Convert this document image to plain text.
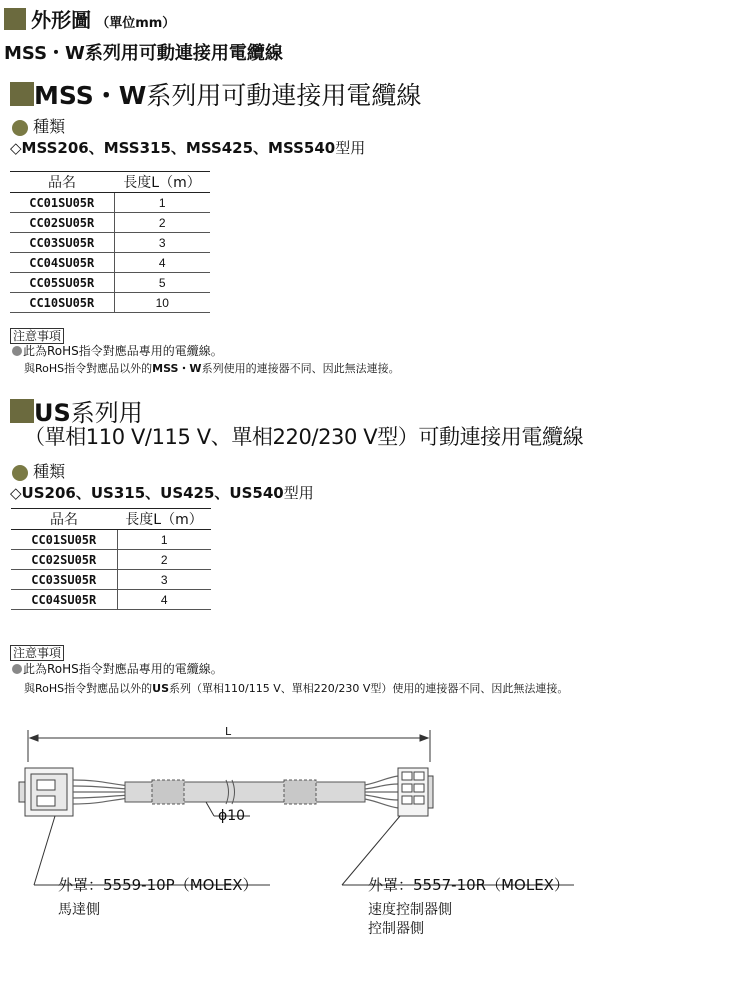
外形圖 （單位mm）
MSS・W系列用可動連接用電纜線
MSS・W系列用可動連接用電纜線
種類
◇MSS206、MSS315、MSS425、MSS540型用
品名	長度L（m）
CC01SU05R	1
CC02SU05R	2
CC03SU05R	3
CC04SU05R	4
CC05SU05R	5
CC10SU05R	10
注意事項
此為RoHS指令對應品專用的電纜線。
與RoHS指令對應品以外的MSS・W系列使用的連接器不同、因此無法連接。
US系列用
（單相110 V/115 V、單相220/230 V型）可動連接用電纜線
種類
◇US206、US315、US425、US540型用
品名	長度L（m）
CC01SU05R	1
CC02SU05R	2
CC03SU05R	3
CC04SU05R	4
注意事項
此為RoHS指令對應品專用的電纜線。
與RoHS指令對應品以外的US系列（單相110/115 V、單相220/230 V型）使用的連接器不同、因此無法連接。
L
ϕ10
外罩：5559-10P（MOLEX）
馬達側
外罩：5557-10R（MOLEX）
速度控制器側
控制器側
